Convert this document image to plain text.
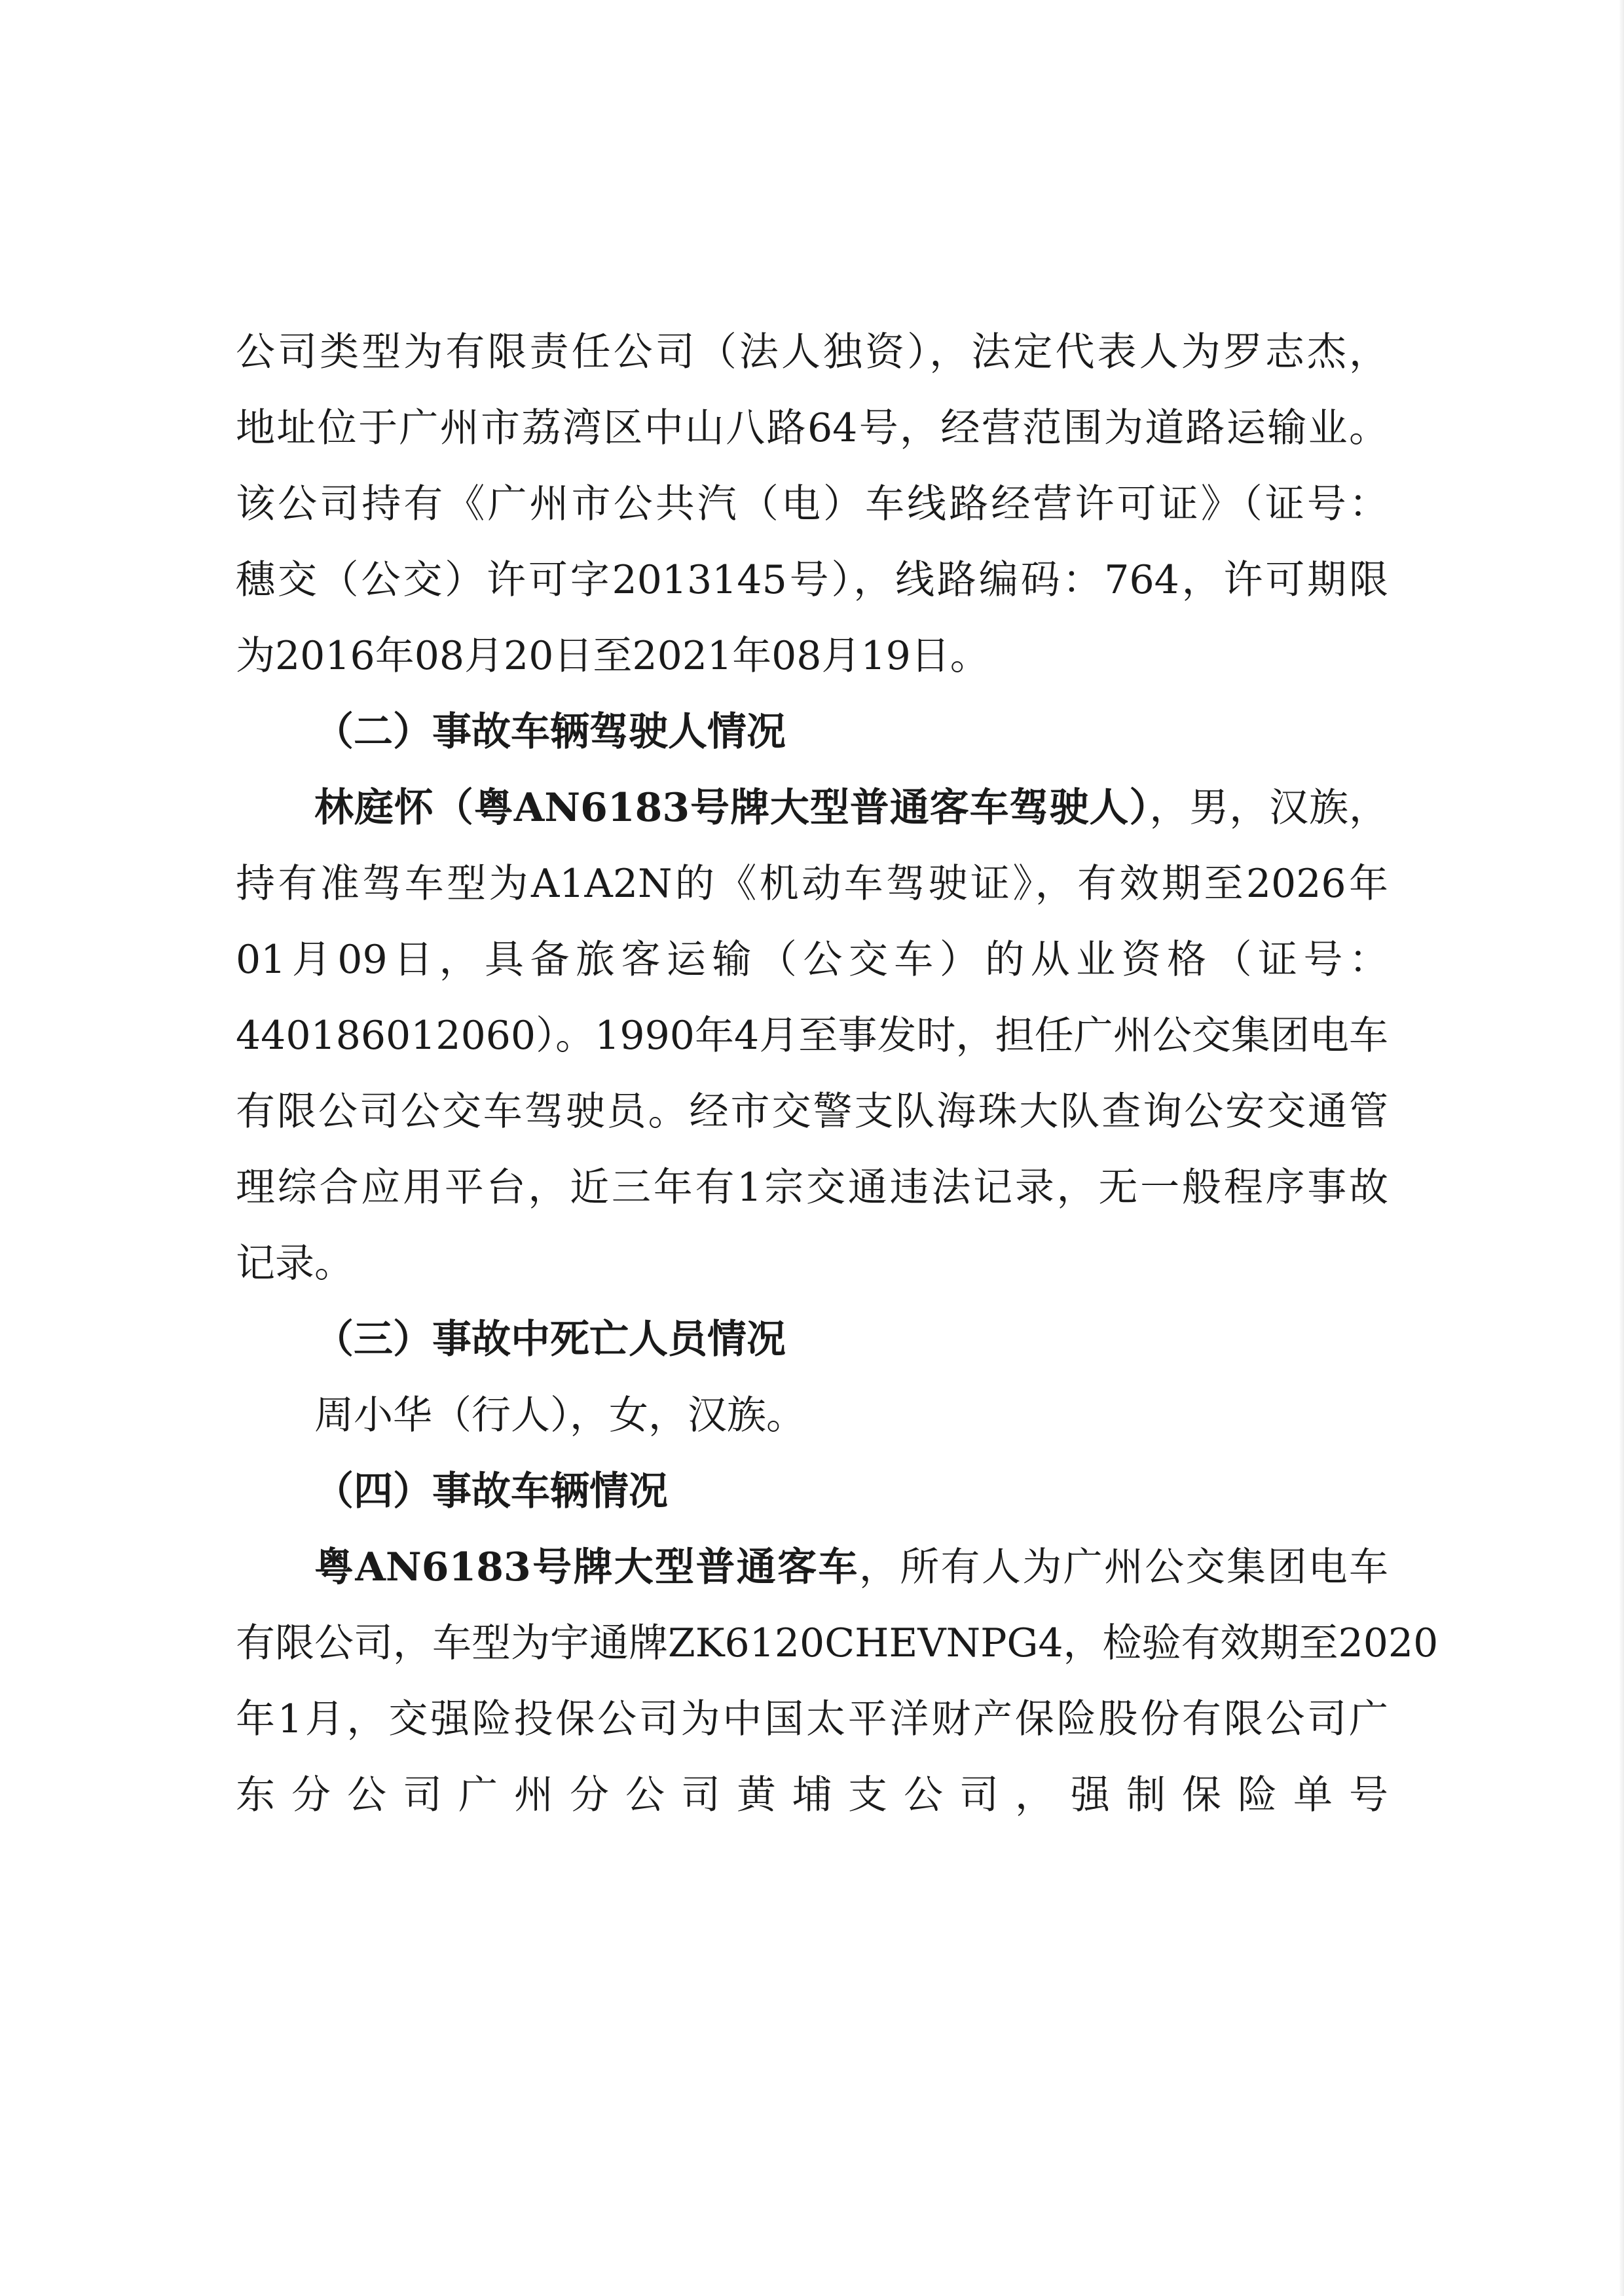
公司类型为有限责任公司（法人独资），法定代表人为罗志杰，
地址位于广州市荔湾区中山八路64号，经营范围为道路运输业。
该公司持有《广州市公共汽（电）车线路经营许可证》（证号：
穗交（公交）许可字2013145号），线路编码：764，许可期限
为2016年08月20日至2021年08月19日。
（二）事故车辆驾驶人情况
林庭怀（粤AN6183号牌大型普通客车驾驶人），男，汉族，
持有准驾车型为A1A2N的《机动车驾驶证》，有效期至2026年
01月09日，具备旅客运输（公交车）的从业资格（证号：
440186012060）。1990年4月至事发时，担任广州公交集团电车
有限公司公交车驾驶员。经市交警支队海珠大队查询公安交通管
理综合应用平台，近三年有1宗交通违法记录，无一般程序事故
记录。
（三）事故中死亡人员情况
周小华（行人），女，汉族。
（四）事故车辆情况
粤AN6183号牌大型普通客车，所有人为广州公交集团电车
有限公司，车型为宇通牌ZK6120CHEVNPG4，检验有效期至2020
年1月，交强险投保公司为中国太平洋财产保险股份有限公司广
东分公司广州分公司黄埔支公司，强制保险单号
